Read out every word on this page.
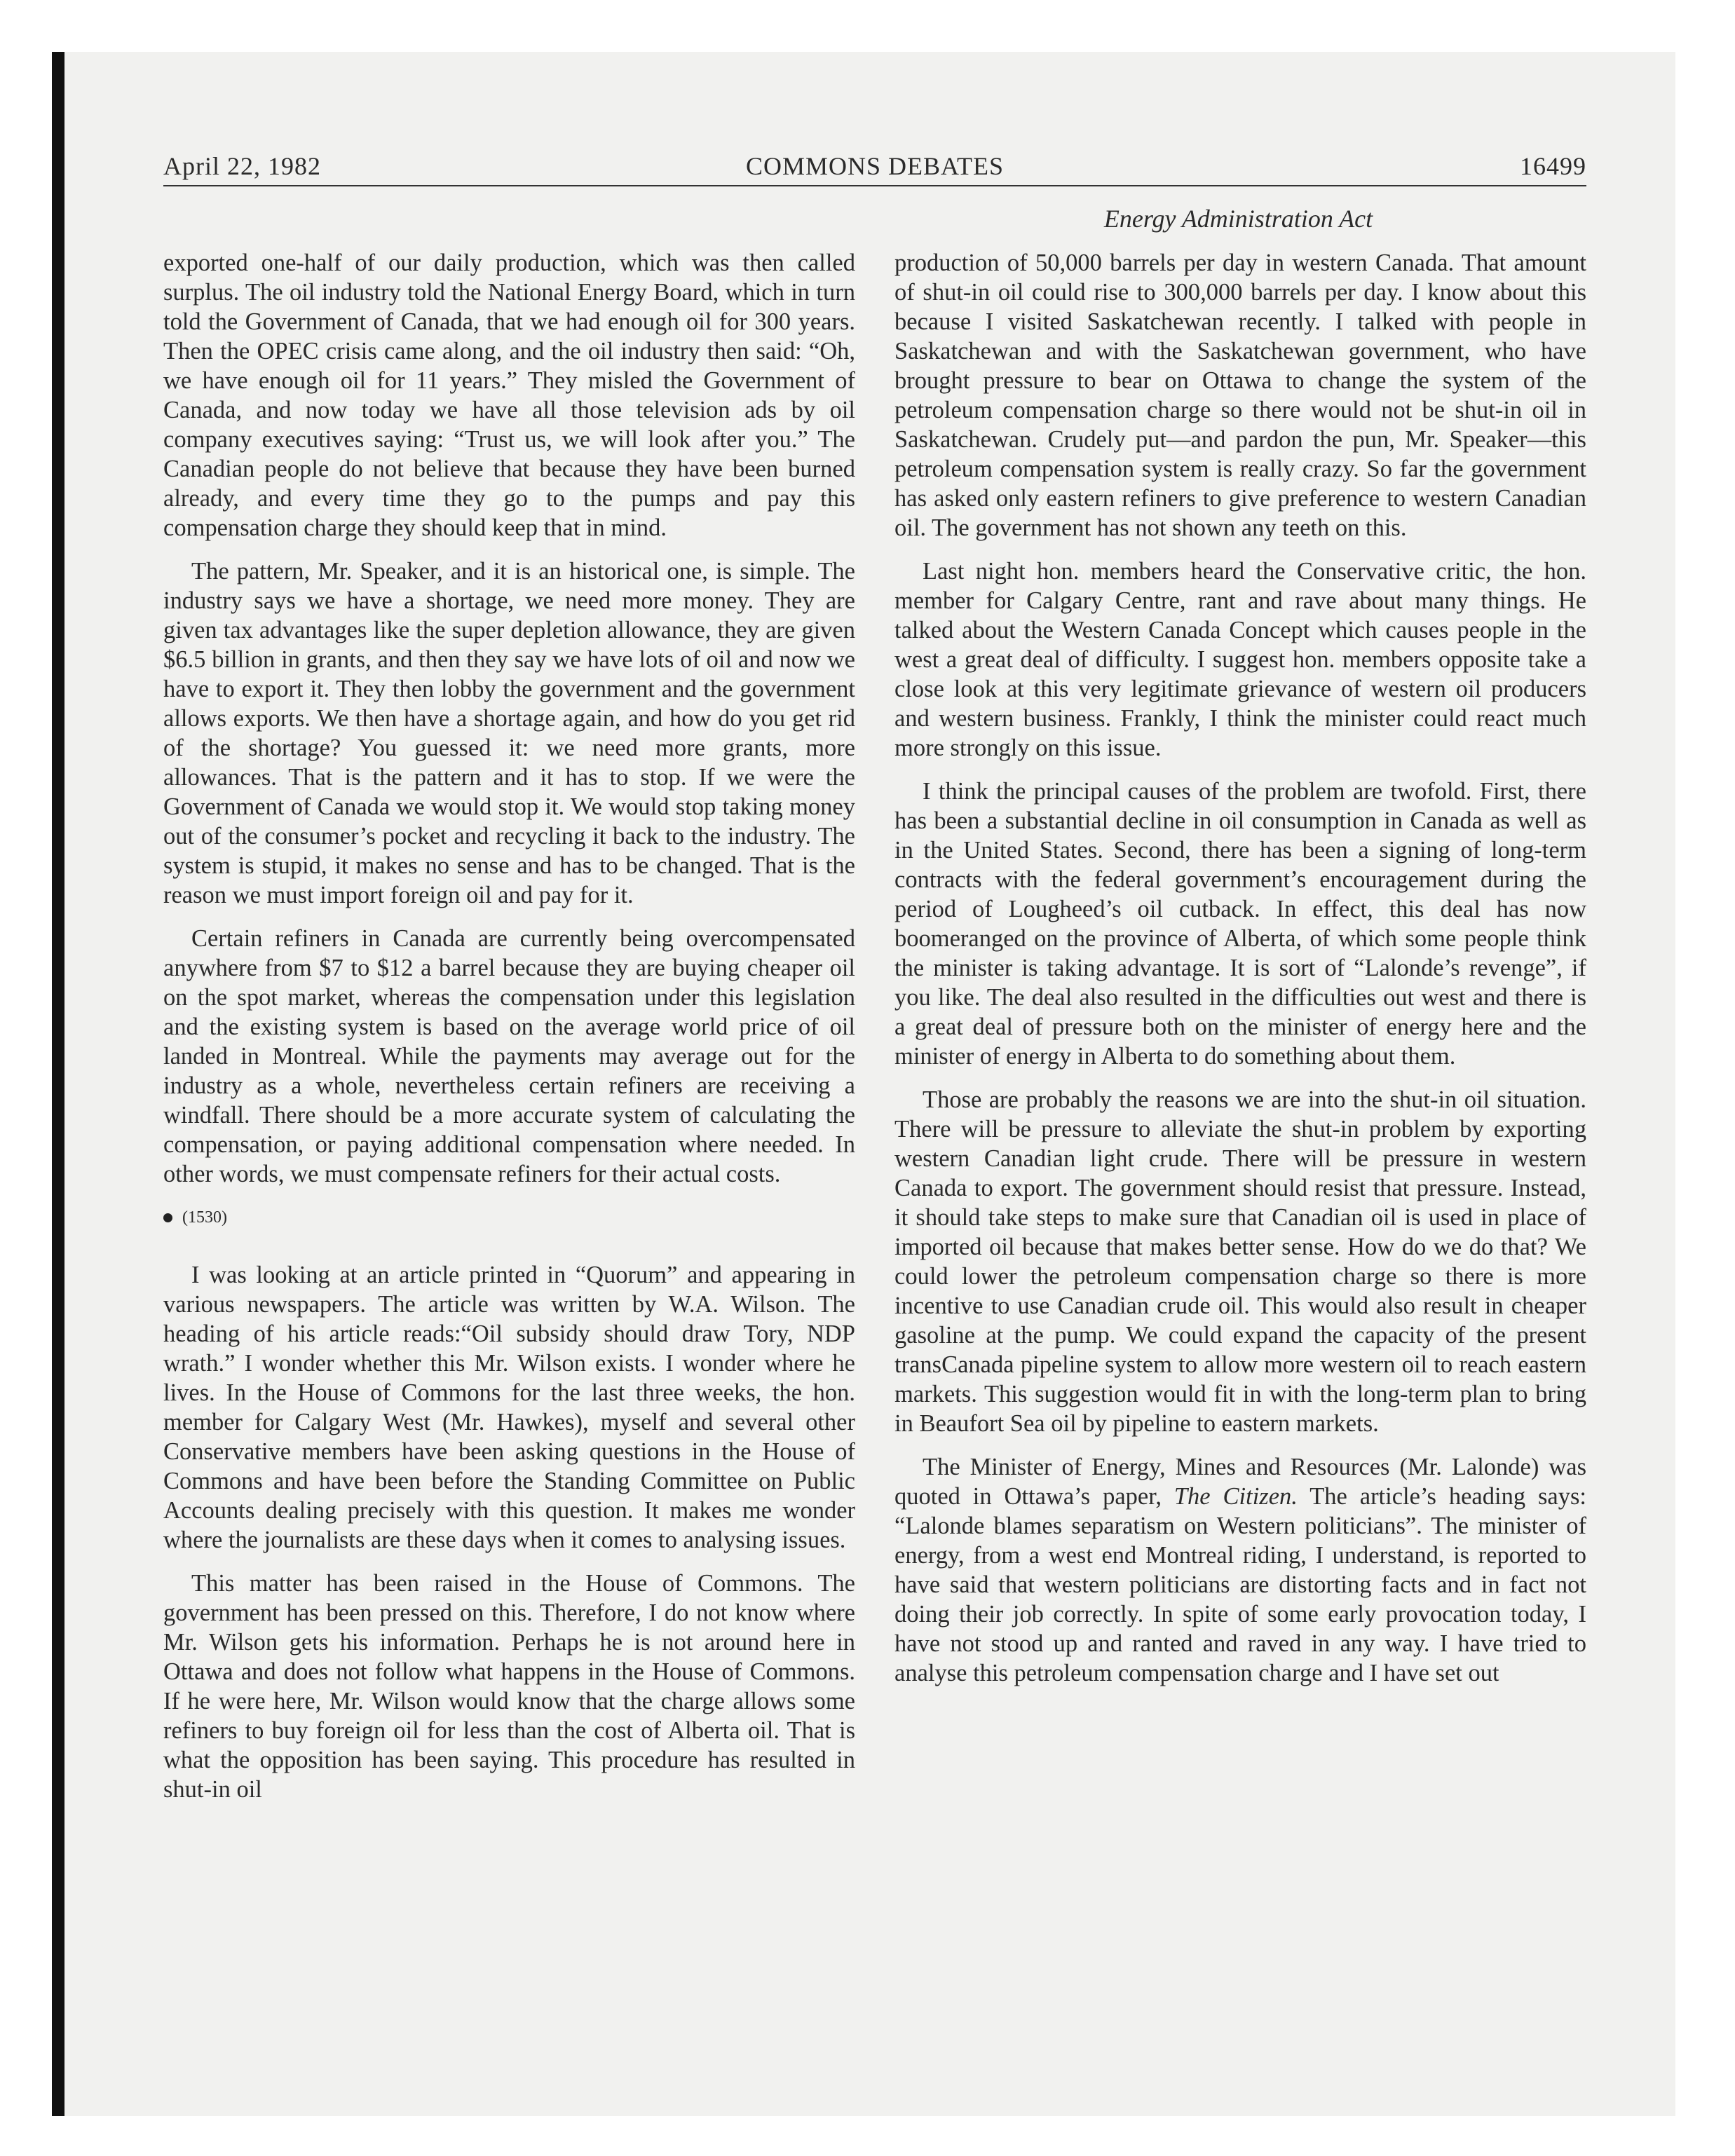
April 22, 1982	COMMONS DEBATES	16499
Energy Administration Act

exported one-half of our daily production, which was then called surplus. The oil industry told the National Energy Board, which in turn told the Government of Canada, that we had enough oil for 300 years. Then the OPEC crisis came along, and the oil industry then said: “Oh, we have enough oil for 11 years.” They misled the Government of Canada, and now today we have all those television ads by oil company executives saying: “Trust us, we will look after you.” The Canadian people do not believe that because they have been burned already, and every time they go to the pumps and pay this compensation charge they should keep that in mind.

The pattern, Mr. Speaker, and it is an historical one, is simple. The industry says we have a shortage, we need more money. They are given tax advantages like the super depletion allowance, they are given $6.5 billion in grants, and then they say we have lots of oil and now we have to export it. They then lobby the government and the government allows exports. We then have a shortage again, and how do you get rid of the shortage? You guessed it: we need more grants, more allowances. That is the pattern and it has to stop. If we were the Government of Canada we would stop it. We would stop taking money out of the consumer’s pocket and recycling it back to the industry. The system is stupid, it makes no sense and has to be changed. That is the reason we must import foreign oil and pay for it.

Certain refiners in Canada are currently being overcompensated anywhere from $7 to $12 a barrel because they are buying cheaper oil on the spot market, whereas the compensation under this legislation and the existing system is based on the average world price of oil landed in Montreal. While the payments may average out for the industry as a whole, nevertheless certain refiners are receiving a windfall. There should be a more accurate system of calculating the compensation, or paying additional compensation where needed. In other words, we must compensate refiners for their actual costs.

(1530)

I was looking at an article printed in “Quorum” and appearing in various newspapers. The article was written by W.A. Wilson. The heading of his article reads:“Oil subsidy should draw Tory, NDP wrath.” I wonder whether this Mr. Wilson exists. I wonder where he lives. In the House of Commons for the last three weeks, the hon. member for Calgary West (Mr. Hawkes), myself and several other Conservative members have been asking questions in the House of Commons and have been before the Standing Committee on Public Accounts dealing precisely with this question. It makes me wonder where the journalists are these days when it comes to analysing issues.

This matter has been raised in the House of Commons. The government has been pressed on this. Therefore, I do not know where Mr. Wilson gets his information. Perhaps he is not around here in Ottawa and does not follow what happens in the House of Commons. If he were here, Mr. Wilson would know that the charge allows some refiners to buy foreign oil for less than the cost of Alberta oil. That is what the opposition has been saying. This procedure has resulted in shut-in oil

production of 50,000 barrels per day in western Canada. That amount of shut-in oil could rise to 300,000 barrels per day. I know about this because I visited Saskatchewan recently. I talked with people in Saskatchewan and with the Saskatchewan government, who have brought pressure to bear on Ottawa to change the system of the petroleum compensation charge so there would not be shut-in oil in Saskatchewan. Crudely put—and pardon the pun, Mr. Speaker—this petroleum compensation system is really crazy. So far the government has asked only eastern refiners to give preference to western Canadian oil. The government has not shown any teeth on this.

Last night hon. members heard the Conservative critic, the hon. member for Calgary Centre, rant and rave about many things. He talked about the Western Canada Concept which causes people in the west a great deal of difficulty. I suggest hon. members opposite take a close look at this very legitimate grievance of western oil producers and western business. Frankly, I think the minister could react much more strongly on this issue.

I think the principal causes of the problem are twofold. First, there has been a substantial decline in oil consumption in Canada as well as in the United States. Second, there has been a signing of long-term contracts with the federal government’s encouragement during the period of Lougheed’s oil cutback. In effect, this deal has now boomeranged on the province of Alberta, of which some people think the minister is taking advantage. It is sort of “Lalonde’s revenge”, if you like. The deal also resulted in the difficulties out west and there is a great deal of pressure both on the minister of energy here and the minister of energy in Alberta to do something about them.

Those are probably the reasons we are into the shut-in oil situation. There will be pressure to alleviate the shut-in problem by exporting western Canadian light crude. There will be pressure in western Canada to export. The government should resist that pressure. Instead, it should take steps to make sure that Canadian oil is used in place of imported oil because that makes better sense. How do we do that? We could lower the petroleum compensation charge so there is more incentive to use Canadian crude oil. This would also result in cheaper gasoline at the pump. We could expand the capacity of the present transCanada pipeline system to allow more western oil to reach eastern markets. This suggestion would fit in with the long-term plan to bring in Beaufort Sea oil by pipeline to eastern markets.

The Minister of Energy, Mines and Resources (Mr. Lalonde) was quoted in Ottawa’s paper, The Citizen. The article’s heading says: “Lalonde blames separatism on Western politicians”. The minister of energy, from a west end Montreal riding, I understand, is reported to have said that western politicians are distorting facts and in fact not doing their job correctly. In spite of some early provocation today, I have not stood up and ranted and raved in any way. I have tried to analyse this petroleum compensation charge and I have set out
